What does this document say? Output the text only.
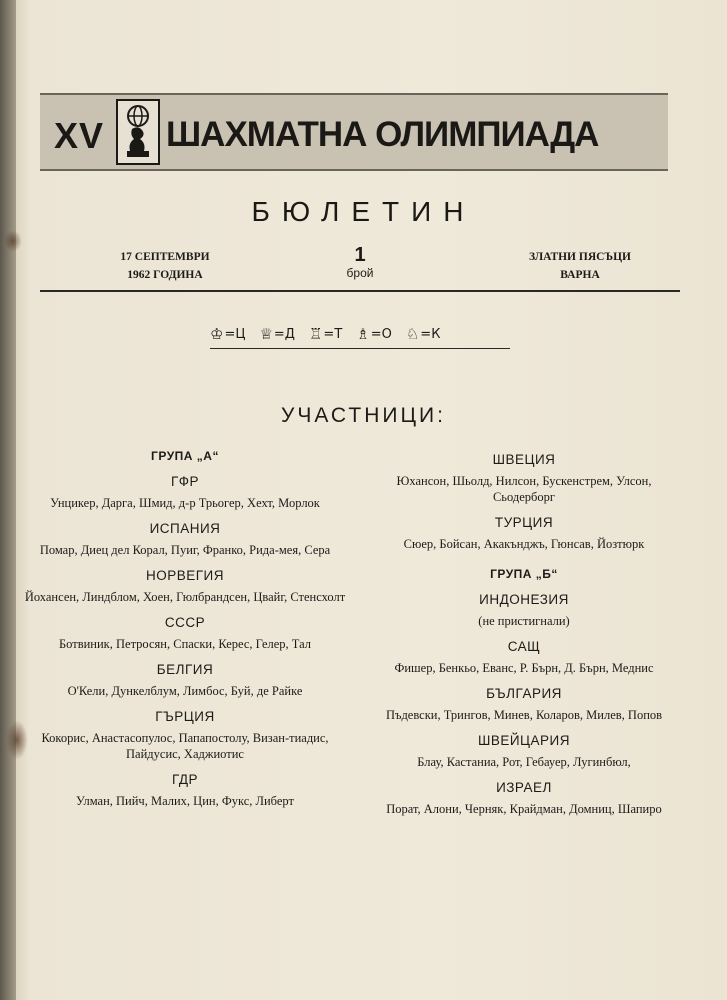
XV ШАХМАТНА ОЛИМПИАДА
БЮЛЕТИН
17 СЕПТЕМВРИ
1962 ГОДИНА
1
брой
ЗЛАТНИ ПЯСЪЦИ
ВАРНА
♔ =Ц ♕ =Д ♖ =Т ♗ =О ♘ =К
УЧАСТНИЦИ:
ГРУПА „А“
ГФР
Унцикер, Дарга, Шмид, д-р Трьогер, Хехт, Морлок
ИСПАНИЯ
Помар, Диец дел Корал, Пуиг, Франко, Рида-мея, Сера
НОРВЕГИЯ
Йохансен, Линдблом, Хоен, Гюлбрандсен, Цвайг, Стенсхолт
СССР
Ботвиник, Петросян, Спаски, Керес, Гелер, Тал
БЕЛГИЯ
О'Кели, Дункелблум, Лимбос, Буй, де Райке
ГЪРЦИЯ
Кокорис, Анастасопулос, Папапостолу, Визан-тиадис, Пайдусис, Хаджиотис
ГДР
Улман, Пийч, Малих, Цин, Фукс, Либерт
ШВЕЦИЯ
Юхансон, Шьолд, Нилсон, Бускенстрем, Улсон, Сьодерборг
ТУРЦИЯ
Сюер, Бойсан, Акакънджъ, Гюнсав, Йозтюрк
ГРУПА „Б“
ИНДОНЕЗИЯ
(не пристигнали)
САЩ
Фишер, Бенкьо, Еванс, Р. Бърн, Д. Бърн, Меднис
БЪЛГАРИЯ
Пъдевски, Трингов, Минев, Коларов, Милев, Попов
ШВЕЙЦАРИЯ
Блау, Кастаниа, Рот, Гебауер, Лугинбюл,
ИЗРАЕЛ
Порат, Алони, Черняк, Крайдман, Домниц, Шапиро
